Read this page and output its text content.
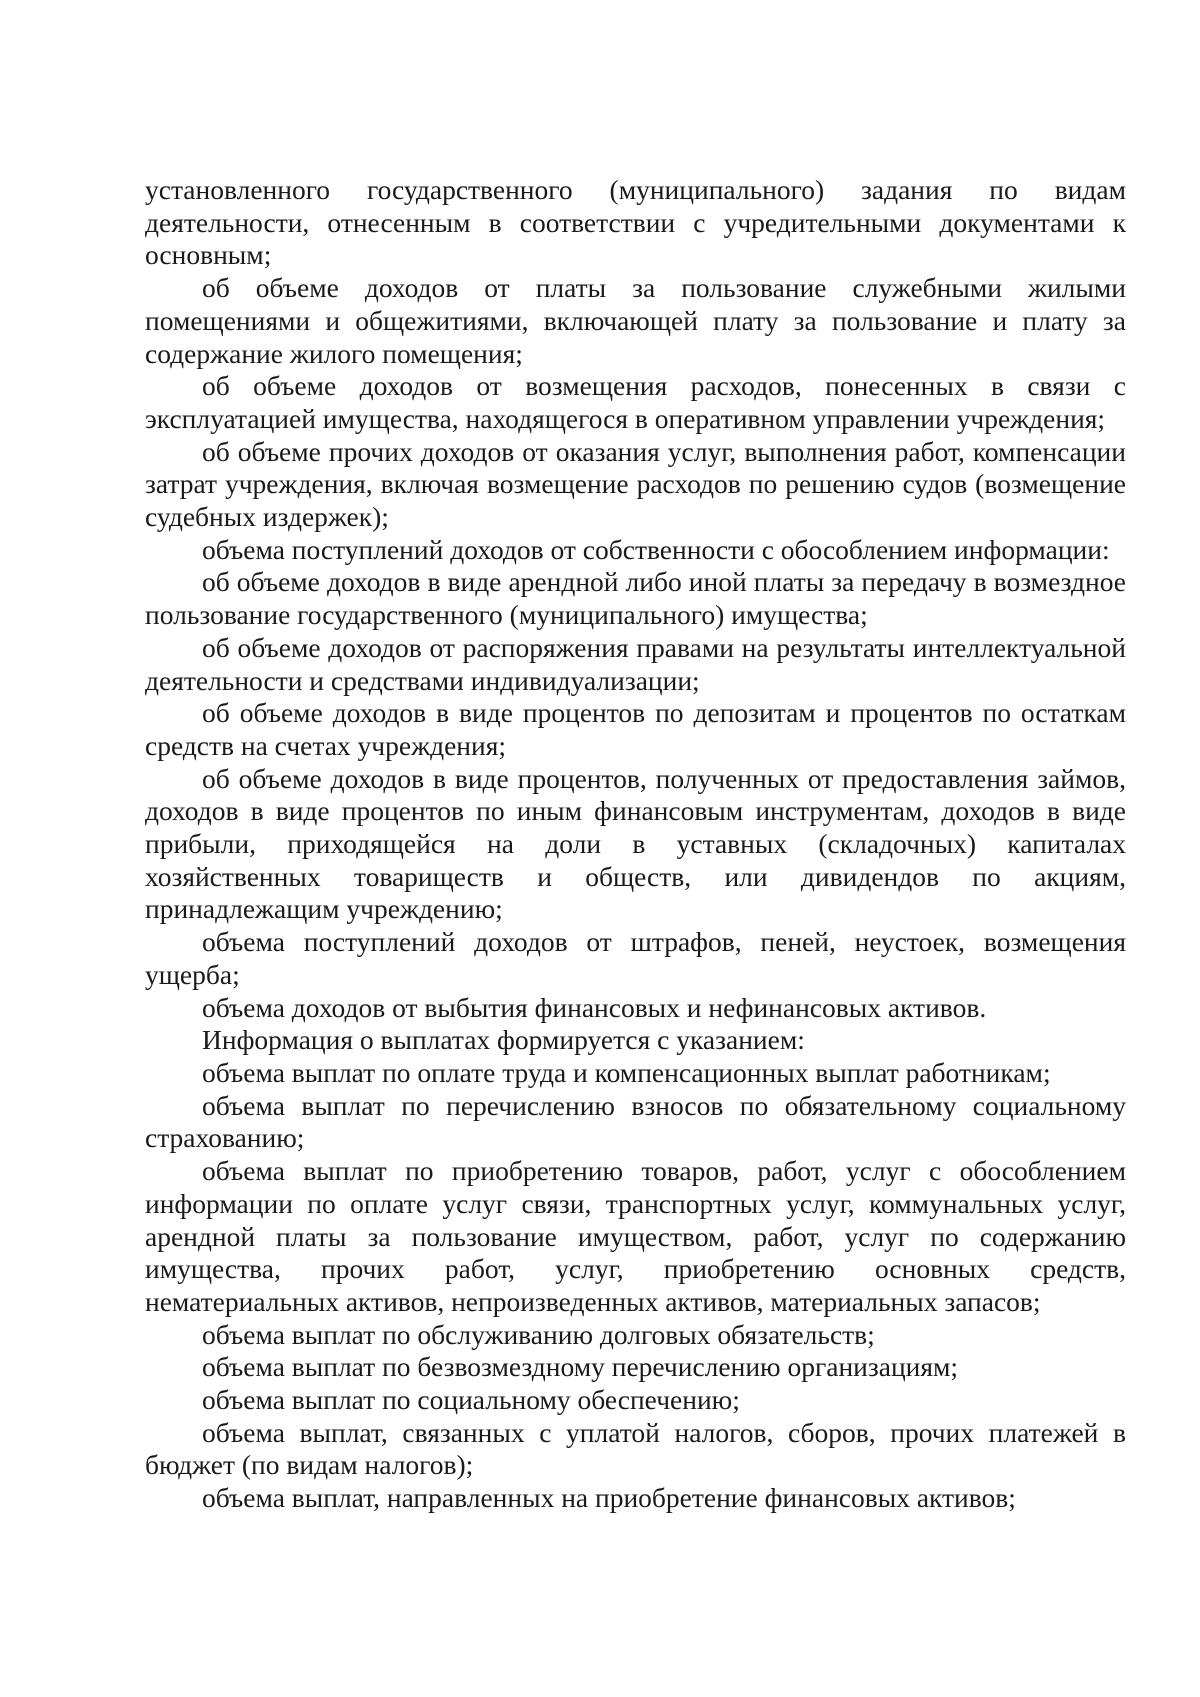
установленного государственного (муниципального) задания по видам деятельности, отнесенным в соответствии с учредительными документами к основным;

об объеме доходов от платы за пользование служебными жилыми помещениями и общежитиями, включающей плату за пользование и плату за содержание жилого помещения;

об объеме доходов от возмещения расходов, понесенных в связи с эксплуатацией имущества, находящегося в оперативном управлении учреждения;

об объеме прочих доходов от оказания услуг, выполнения работ, компенсации затрат учреждения, включая возмещение расходов по решению судов (возмещение судебных издержек);

объема поступлений доходов от собственности с обособлением информации:

об объеме доходов в виде арендной либо иной платы за передачу в возмездное пользование государственного (муниципального) имущества;

об объеме доходов от распоряжения правами на результаты интеллектуальной деятельности и средствами индивидуализации;

об объеме доходов в виде процентов по депозитам и процентов по остаткам средств на счетах учреждения;

об объеме доходов в виде процентов, полученных от предоставления займов, доходов в виде процентов по иным финансовым инструментам, доходов в виде прибыли, приходящейся на доли в уставных (складочных) капиталах хозяйственных товариществ и обществ, или дивидендов по акциям, принадлежащим учреждению;

объема поступлений доходов от штрафов, пеней, неустоек, возмещения ущерба;

объема доходов от выбытия финансовых и нефинансовых активов.

Информация о выплатах формируется с указанием:

объема выплат по оплате труда и компенсационных выплат работникам;

объема выплат по перечислению взносов по обязательному социальному страхованию;

объема выплат по приобретению товаров, работ, услуг с обособлением информации по оплате услуг связи, транспортных услуг, коммунальных услуг, арендной платы за пользование имуществом, работ, услуг по содержанию имущества, прочих работ, услуг, приобретению основных средств, нематериальных активов, непроизведенных активов, материальных запасов;

объема выплат по обслуживанию долговых обязательств;

объема выплат по безвозмездному перечислению организациям;

объема выплат по социальному обеспечению;

объема выплат, связанных с уплатой налогов, сборов, прочих платежей в бюджет (по видам налогов);

объема выплат, направленных на приобретение финансовых активов;
